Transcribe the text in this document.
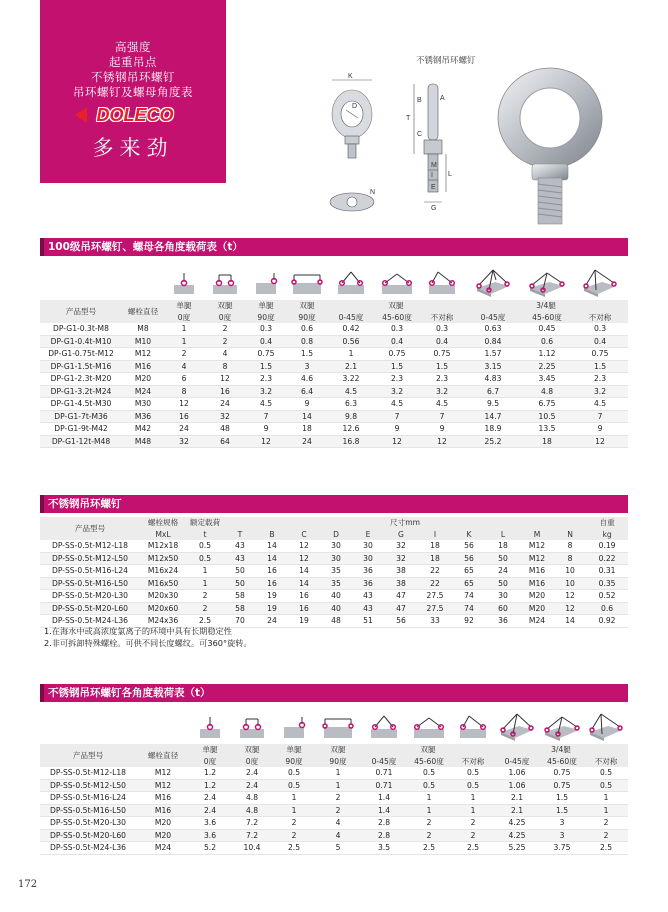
高强度
起重吊点
不锈钢吊环螺钉
吊环螺钉及螺母角度表
DOLECO
多来劲
不锈钢吊环螺钉
K
D
T
B	A
C
M
I
E
G
L
N
100级吊环螺钉、螺母各角度载荷表（t）

产品型号	螺栓直径	单腿	双腿	单腿	双腿	双腿			3/4腿		
		0度	0度	90度	90度	0-45度	45-60度	不对称	0-45度	45-60度	不对称
DP-G1-0.3t-M8	M8	1	2	0.3	0.6	0.42	0.3	0.3	0.63	0.45	0.3
DP-G1-0.4t-M10	M10	1	2	0.4	0.8	0.56	0.4	0.4	0.84	0.6	0.4
DP-G1-0.75t-M12	M12	2	4	0.75	1.5	1	0.75	0.75	1.57	1.12	0.75
DP-G1-1.5t-M16	M16	4	8	1.5	3	2.1	1.5	1.5	3.15	2.25	1.5
DP-G1-2.3t-M20	M20	6	12	2.3	4.6	3.22	2.3	2.3	4.83	3.45	2.3
DP-G1-3.2t-M24	M24	8	16	3.2	6.4	4.5	3.2	3.2	6.7	4.8	3.2
DP-G1-4.5t-M30	M30	12	24	4.5	9	6.3	4.5	4.5	9.5	6.75	4.5
DP-G1-7t-M36	M36	16	32	7	14	9.8	7	7	14.7	10.5	7
DP-G1-9t-M42	M42	24	48	9	18	12.6	9	9	18.9	13.5	9
DP-G1-12t-M48	M48	32	64	12	24	16.8	12	12	25.2	18	12
不锈钢吊环螺钉
产品型号	螺栓规格	额定载荷	尺寸mm											自重
	MxL	t	T	B	C	D	E	G	I	K	L	M	N	kg
DP-SS-0.5t-M12-L18	M12x18	0.5	43	14	12	30	30	32	18	56	18	M12	8	0.19
DP-SS-0.5t-M12-L50	M12x50	0.5	43	14	12	30	30	32	18	56	50	M12	8	0.22
DP-SS-0.5t-M16-L24	M16x24	1	50	16	14	35	36	38	22	65	24	M16	10	0.31
DP-SS-0.5t-M16-L50	M16x50	1	50	16	14	35	36	38	22	65	50	M16	10	0.35
DP-SS-0.5t-M20-L30	M20x30	2	58	19	16	40	43	47	27.5	74	30	M20	12	0.52
DP-SS-0.5t-M20-L60	M20x60	2	58	19	16	40	43	47	27.5	74	60	M20	12	0.6
DP-SS-0.5t-M24-L36	M24x36	2.5	70	24	19	48	51	56	33	92	36	M24	14	0.92
1.在海水中或高浓度氯离子的环境中具有长期稳定性
2.非可拆卸特殊螺栓。可供不同长度螺纹。可360°旋转。
不锈钢吊环螺钉各角度载荷表（t）

产品型号	螺栓直径	单腿	双腿	单腿	双腿	双腿			3/4腿		
		0度	0度	90度	90度	0-45度	45-60度	不对称	0-45度	45-60度	不对称
DP-SS-0.5t-M12-L18	M12	1.2	2.4	0.5	1	0.71	0.5	0.5	1.06	0.75	0.5
DP-SS-0.5t-M12-L50	M12	1.2	2.4	0.5	1	0.71	0.5	0.5	1.06	0.75	0.5
DP-SS-0.5t-M16-L24	M16	2.4	4.8	1	2	1.4	1	1	2.1	1.5	1
DP-SS-0.5t-M16-L50	M16	2.4	4.8	1	2	1.4	1	1	2.1	1.5	1
DP-SS-0.5t-M20-L30	M20	3.6	7.2	2	4	2.8	2	2	4.25	3	2
DP-SS-0.5t-M20-L60	M20	3.6	7.2	2	4	2.8	2	2	4.25	3	2
DP-SS-0.5t-M24-L36	M24	5.2	10.4	2.5	5	3.5	2.5	2.5	5.25	3.75	2.5
172
